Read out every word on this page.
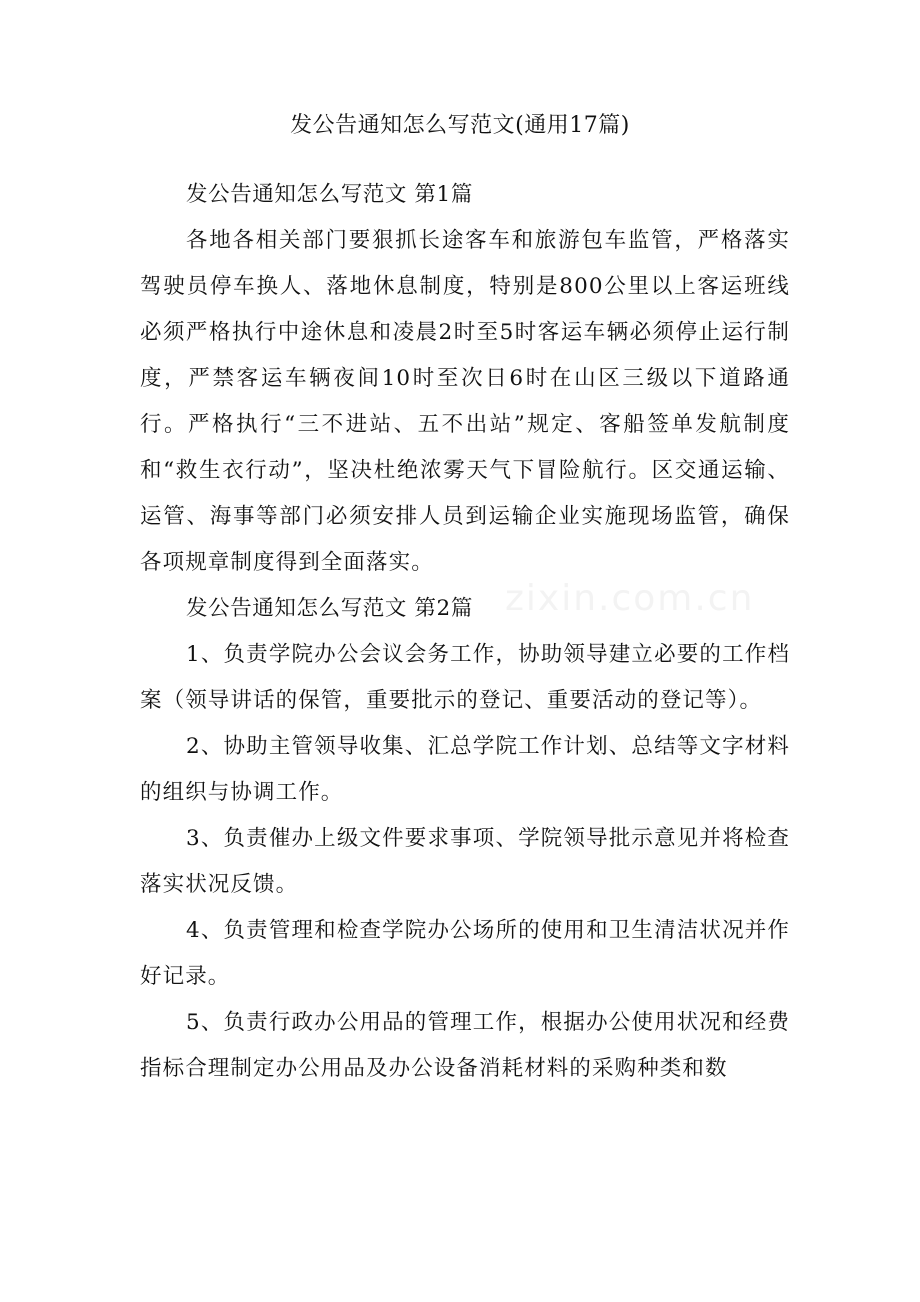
发公告通知怎么写范文(通用17篇)

发公告通知怎么写范文 第1篇

各地各相关部门要狠抓长途客车和旅游包车监管，严格落实驾驶员停车换人、落地休息制度，特别是800公里以上客运班线必须严格执行中途休息和凌晨2时至5时客运车辆必须停止运行制度，严禁客运车辆夜间10时至次日6时在山区三级以下道路通行。严格执行“三不进站、五不出站”规定、客船签单发航制度和“救生衣行动”，坚决杜绝浓雾天气下冒险航行。区交通运输、运管、海事等部门必须安排人员到运输企业实施现场监管，确保各项规章制度得到全面落实。

发公告通知怎么写范文 第2篇

1、负责学院办公会议会务工作，协助领导建立必要的工作档案（领导讲话的保管，重要批示的登记、重要活动的登记等）。

2、协助主管领导收集、汇总学院工作计划、总结等文字材料的组织与协调工作。

3、负责催办上级文件要求事项、学院领导批示意见并将检查落实状况反馈。

4、负责管理和检查学院办公场所的使用和卫生清洁状况并作好记录。

5、负责行政办公用品的管理工作，根据办公使用状况和经费指标合理制定办公用品及办公设备消耗材料的采购种类和数

zixin.com.cn
